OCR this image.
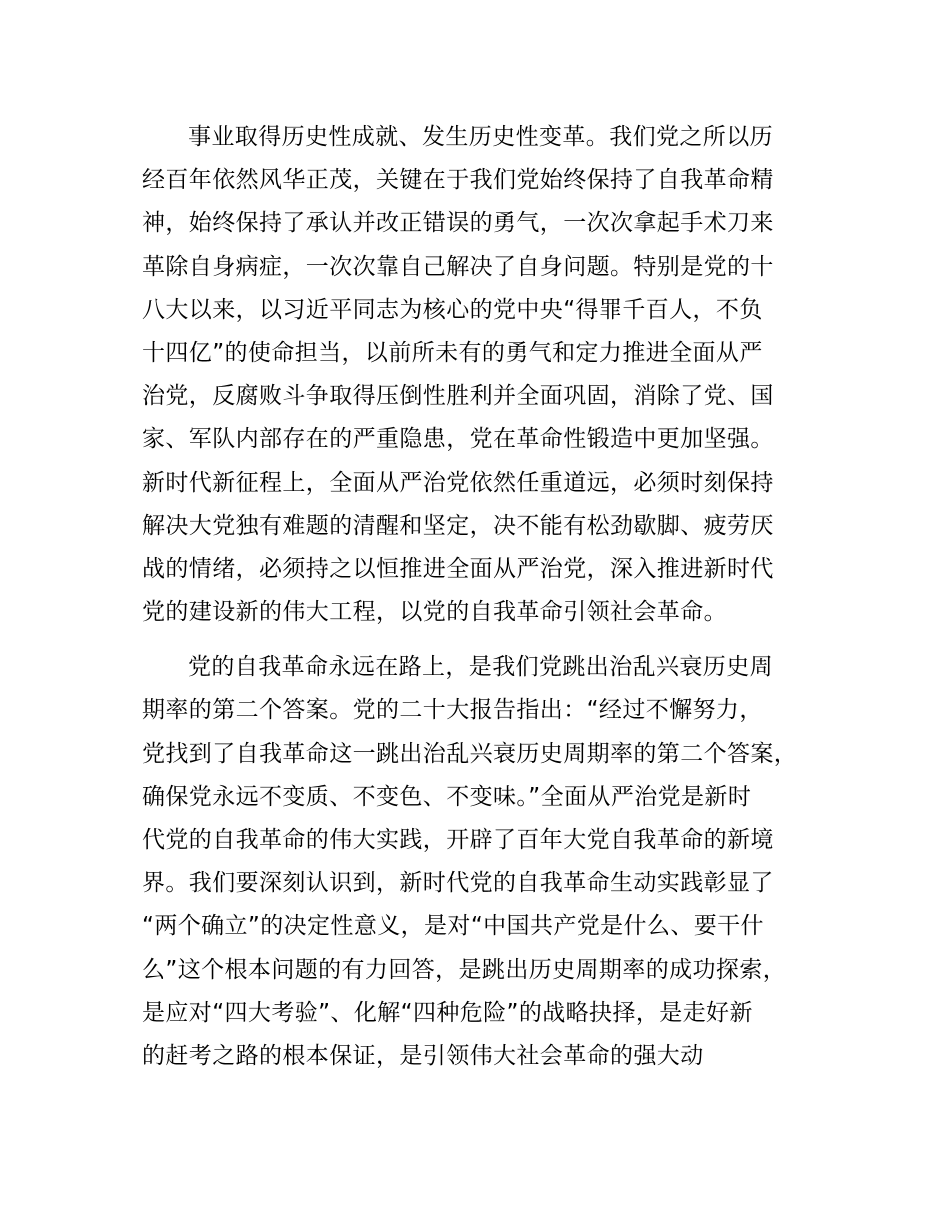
事业取得历史性成就、发生历史性变革。我们党之所以历
经百年依然风华正茂，关键在于我们党始终保持了自我革命精
神，始终保持了承认并改正错误的勇气，一次次拿起手术刀来
革除自身病症，一次次靠自己解决了自身问题。特别是党的十
八大以来，以习近平同志为核心的党中央“得罪千百人，不负
十四亿”的使命担当，以前所未有的勇气和定力推进全面从严
治党，反腐败斗争取得压倒性胜利并全面巩固，消除了党、国
家、军队内部存在的严重隐患，党在革命性锻造中更加坚强。
新时代新征程上，全面从严治党依然任重道远，必须时刻保持
解决大党独有难题的清醒和坚定，决不能有松劲歇脚、疲劳厌
战的情绪，必须持之以恒推进全面从严治党，深入推进新时代
党的建设新的伟大工程，以党的自我革命引领社会革命。
党的自我革命永远在路上，是我们党跳出治乱兴衰历史周
期率的第二个答案。党的二十大报告指出：“经过不懈努力，
党找到了自我革命这一跳出治乱兴衰历史周期率的第二个答案，
确保党永远不变质、不变色、不变味。”全面从严治党是新时
代党的自我革命的伟大实践，开辟了百年大党自我革命的新境
界。我们要深刻认识到，新时代党的自我革命生动实践彰显了
“两个确立”的决定性意义，是对“中国共产党是什么、要干什
么”这个根本问题的有力回答，是跳出历史周期率的成功探索，
是应对“四大考验”、化解“四种危险”的战略抉择，是走好新
的赶考之路的根本保证，是引领伟大社会革命的强大动
